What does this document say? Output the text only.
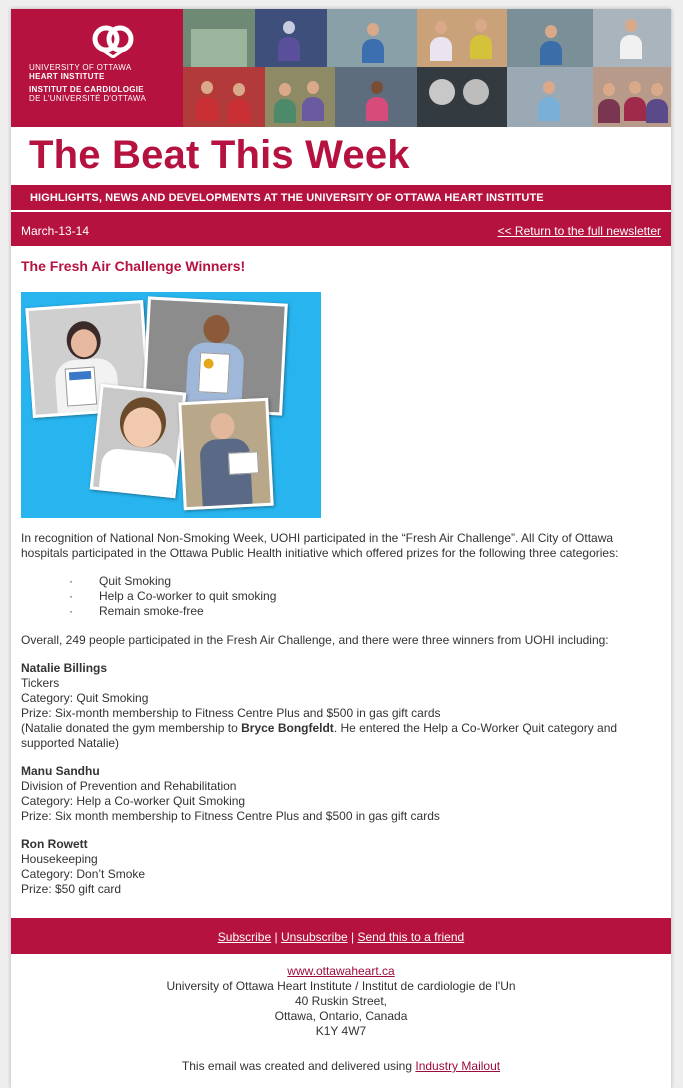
UNIVERSITY OF OTTAWA
HEART INSTITUTE
INSTITUT DE CARDIOLOGIE
DE L'UNIVERSITÉ D'OTTAWA
The Beat This Week
HIGHLIGHTS, NEWS AND DEVELOPMENTS AT THE UNIVERSITY OF OTTAWA HEART INSTITUTE
March-13-14	<< Return to the full newsletter
The Fresh Air Challenge Winners!
In recognition of National Non-Smoking Week, UOHI participated in the “Fresh Air Challenge”. All City of Ottawa hospitals participated in the Ottawa Public Health initiative which offered prizes for the following three categories:
· Quit Smoking
· Help a Co-worker to quit smoking
· Remain smoke-free
Overall, 249 people participated in the Fresh Air Challenge, and there were three winners from UOHI including:
Natalie Billings
Tickers
Category: Quit Smoking
Prize: Six-month membership to Fitness Centre Plus and $500 in gas gift cards
(Natalie donated the gym membership to Bryce Bongfeldt. He entered the Help a Co-Worker Quit category and supported Natalie)
Manu Sandhu
Division of Prevention and Rehabilitation
Category: Help a Co-worker Quit Smoking
Prize: Six month membership to Fitness Centre Plus and $500 in gas gift cards
Ron Rowett
Housekeeping
Category: Don’t Smoke
Prize: $50 gift card
Subscribe | Unsubscribe | Send this to a friend
www.ottawaheart.ca
University of Ottawa Heart Institute / Institut de cardiologie de l'Un
40 Ruskin Street,
Ottawa, Ontario, Canada
K1Y 4W7
This email was created and delivered using Industry Mailout
